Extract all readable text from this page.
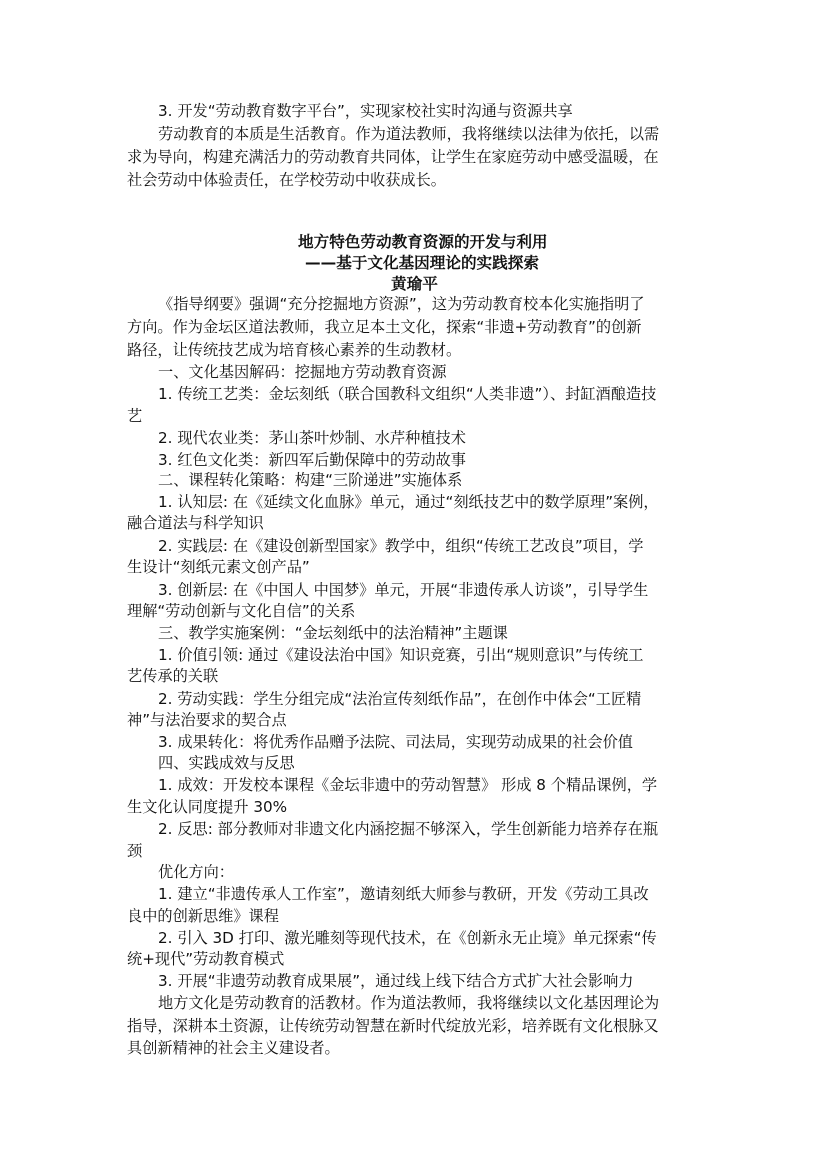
3. 开发“劳动教育数字平台”，实现家校社实时沟通与资源共享
劳动教育的本质是生活教育。作为道法教师，我将继续以法律为依托，以需
求为导向，构建充满活力的劳动教育共同体，让学生在家庭劳动中感受温暖，在
社会劳动中体验责任，在学校劳动中收获成长。
地方特色劳动教育资源的开发与利用
——基于文化基因理论的实践探索
黄瑜平
《指导纲要》强调“充分挖掘地方资源”，这为劳动教育校本化实施指明了
方向。作为金坛区道法教师，我立足本土文化，探索“非遗+劳动教育”的创新
路径，让传统技艺成为培育核心素养的生动教材。
一、文化基因解码：挖掘地方劳动教育资源
1. 传统工艺类：金坛刻纸（联合国教科文组织“人类非遗”）、封缸酒酿造技
艺
2. 现代农业类：茅山茶叶炒制、水芹种植技术
3. 红色文化类：新四军后勤保障中的劳动故事
二、课程转化策略：构建“三阶递进”实施体系
1. 认知层: 在《延续文化血脉》单元，通过“刻纸技艺中的数学原理”案例，
融合道法与科学知识
2. 实践层: 在《建设创新型国家》教学中，组织“传统工艺改良”项目，学
生设计“刻纸元素文创产品”
3. 创新层: 在《中国人 中国梦》单元，开展“非遗传承人访谈”，引导学生
理解“劳动创新与文化自信”的关系
三、教学实施案例：“金坛刻纸中的法治精神”主题课
1. 价值引领: 通过《建设法治中国》知识竞赛，引出“规则意识”与传统工
艺传承的关联
2. 劳动实践：学生分组完成“法治宣传刻纸作品”，在创作中体会“工匠精
神”与法治要求的契合点
3. 成果转化：将优秀作品赠予法院、司法局，实现劳动成果的社会价值
四、实践成效与反思
1. 成效：开发校本课程《金坛非遗中的劳动智慧》 形成 8 个精品课例，学
生文化认同度提升 30%
2. 反思: 部分教师对非遗文化内涵挖掘不够深入，学生创新能力培养存在瓶
颈
优化方向：
1. 建立“非遗传承人工作室”，邀请刻纸大师参与教研，开发《劳动工具改
良中的创新思维》课程
2. 引入 3D 打印、激光雕刻等现代技术，在《创新永无止境》单元探索“传
统+现代”劳动教育模式
3. 开展“非遗劳动教育成果展”，通过线上线下结合方式扩大社会影响力
地方文化是劳动教育的活教材。作为道法教师，我将继续以文化基因理论为
指导，深耕本土资源，让传统劳动智慧在新时代绽放光彩，培养既有文化根脉又
具创新精神的社会主义建设者。
